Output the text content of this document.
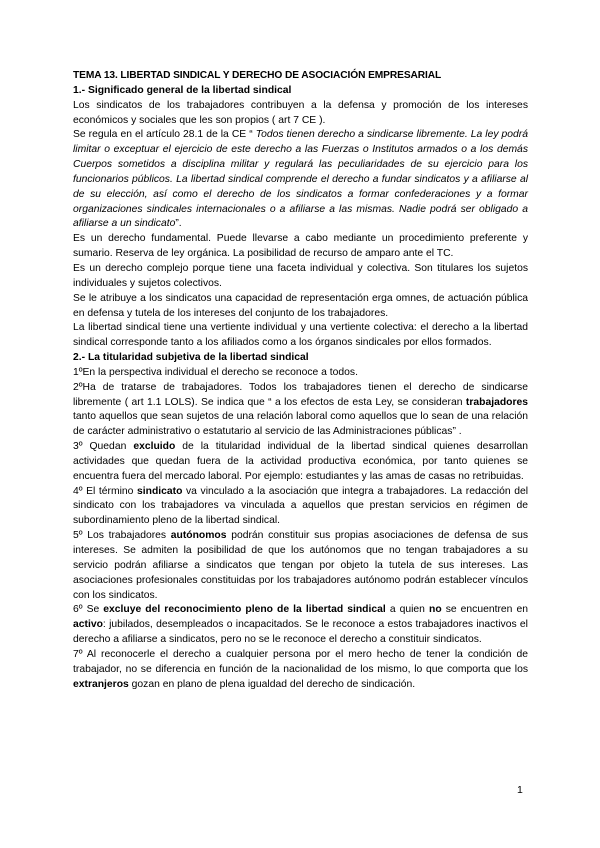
TEMA 13. LIBERTAD SINDICAL Y DERECHO DE ASOCIACIÓN EMPRESARIAL

1.- Significado general de la libertad sindical

Los sindicatos de los trabajadores contribuyen a la defensa y promoción de los intereses económicos y sociales que les son propios ( art 7 CE ).

Se regula en el artículo 28.1 de la CE “ Todos tienen derecho a sindicarse libremente. La ley podrá limitar o exceptuar el ejercicio de este derecho a las Fuerzas o Institutos armados o a los demás Cuerpos sometidos a disciplina militar y regulará las peculiaridades de su ejercicio para los funcionarios públicos. La libertad sindical comprende el derecho a fundar sindicatos y a afiliarse al de su elección, así como el derecho de los sindicatos a formar confederaciones y a formar organizaciones sindicales internacionales o a afiliarse a las mismas. Nadie podrá ser obligado a afiliarse a un sindicato”.

Es un derecho fundamental. Puede llevarse a cabo mediante un procedimiento preferente y sumario. Reserva de ley orgánica. La posibilidad de recurso de amparo ante el TC.

Es un derecho complejo porque tiene una faceta individual y colectiva. Son titulares los sujetos individuales y sujetos colectivos.

Se le atribuye a los sindicatos una capacidad de representación erga omnes, de actuación pública en defensa y tutela de los intereses del conjunto de los trabajadores.

La libertad sindical tiene una vertiente individual y una vertiente colectiva: el derecho a la libertad sindical corresponde tanto a los afiliados como a los órganos sindicales por ellos formados.

2.- La titularidad subjetiva de la libertad sindical

1ºEn la perspectiva individual el derecho se reconoce a todos.

2ºHa de tratarse de trabajadores. Todos los trabajadores tienen el derecho de sindicarse libremente ( art 1.1 LOLS). Se indica que “ a los efectos de esta Ley, se consideran trabajadores tanto aquellos que sean sujetos de una relación laboral como aquellos que lo sean de una relación de carácter administrativo o estatutario al servicio de las Administraciones públicas” .

3º Quedan excluido de la titularidad individual de la libertad sindical quienes desarrollan actividades que quedan fuera de la actividad productiva económica, por tanto quienes se encuentra fuera del mercado laboral. Por ejemplo: estudiantes y las amas de casas no retribuidas.

4º El término sindicato va vinculado a la asociación que integra a trabajadores. La redacción del sindicato con los trabajadores va vinculada a aquellos que prestan servicios en régimen de subordinamiento pleno de la libertad sindical.

5º Los trabajadores autónomos podrán constituir sus propias asociaciones de defensa de sus intereses. Se admiten la posibilidad de que los autónomos que no tengan trabajadores a su servicio podrán afiliarse a sindicatos que tengan por objeto la tutela de sus intereses. Las asociaciones profesionales constituidas por los trabajadores autónomo podrán establecer vínculos con los sindicatos.

6º Se excluye del reconocimiento pleno de la libertad sindical a quien no se encuentren en activo: jubilados, desempleados o incapacitados. Se le reconoce a estos trabajadores inactivos el derecho a afiliarse a sindicatos, pero no se le reconoce el derecho a constituir sindicatos.

7º Al reconocerle el derecho a cualquier persona por el mero hecho de tener la condición de trabajador, no se diferencia en función de la nacionalidad de los mismo, lo que comporta que los extranjeros gozan en plano de plena igualdad del derecho de sindicación.

1
